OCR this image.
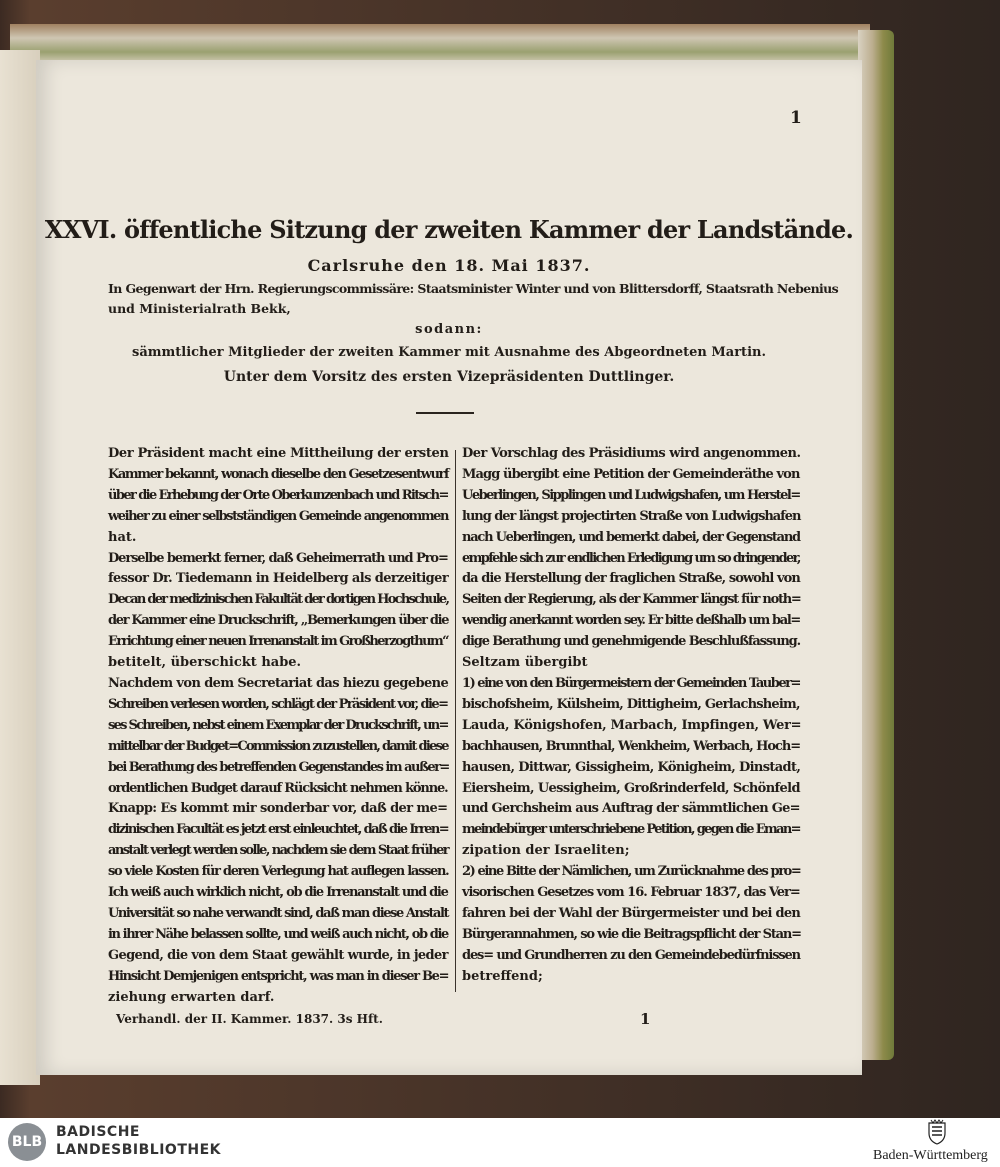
1
XXVI. öffentliche Sitzung der zweiten Kammer der Landstände.
Carlsruhe den 18. Mai 1837.
In Gegenwart der Hrn. Regierungscommissäre: Staatsminister Winter und von Blittersdorff, Staatsrath Nebenius
und Ministerialrath Bekk,
sodann:
sämmtlicher Mitglieder der zweiten Kammer mit Ausnahme des Abgeordneten Martin.
Unter dem Vorsitz des ersten Vizepräsidenten Duttlinger.
Der Präsident macht eine Mittheilung der ersten
Kammer bekannt, wonach dieselbe den Gesetzesentwurf
über die Erhebung der Orte Oberkunzenbach und Ritsch=
weiher zu einer selbstständigen Gemeinde angenommen
hat.
Derselbe bemerkt ferner, daß Geheimerrath und Pro=
fessor Dr. Tiedemann in Heidelberg als derzeitiger
Decan der medizinischen Fakultät der dortigen Hochschule,
der Kammer eine Druckschrift, „Bemerkungen über die
Errichtung einer neuen Irrenanstalt im Großherzogthum“
betitelt, überschickt habe.
Nachdem von dem Secretariat das hiezu gegebene
Schreiben verlesen worden, schlägt der Präsident vor, die=
ses Schreiben, nebst einem Exemplar der Druckschrift, un=
mittelbar der Budget=Commission zuzustellen, damit diese
bei Berathung des betreffenden Gegenstandes im außer=
ordentlichen Budget darauf Rücksicht nehmen könne.
Knapp: Es kommt mir sonderbar vor, daß der me=
dizinischen Facultät es jetzt erst einleuchtet, daß die Irren=
anstalt verlegt werden solle, nachdem sie dem Staat früher
so viele Kosten für deren Verlegung hat auflegen lassen.
Ich weiß auch wirklich nicht, ob die Irrenanstalt und die
Universität so nahe verwandt sind, daß man diese Anstalt
in ihrer Nähe belassen sollte, und weiß auch nicht, ob die
Gegend, die von dem Staat gewählt wurde, in jeder
Hinsicht Demjenigen entspricht, was man in dieser Be=
ziehung erwarten darf.
Der Vorschlag des Präsidiums wird angenommen.
Magg übergibt eine Petition der Gemeinderäthe von
Ueberlingen, Sipplingen und Ludwigshafen, um Herstel=
lung der längst projectirten Straße von Ludwigshafen
nach Ueberlingen, und bemerkt dabei, der Gegenstand
empfehle sich zur endlichen Erledigung um so dringender,
da die Herstellung der fraglichen Straße, sowohl von
Seiten der Regierung, als der Kammer längst für noth=
wendig anerkannt worden sey. Er bitte deßhalb um bal=
dige Berathung und genehmigende Beschlußfassung.
Seltzam übergibt
1) eine von den Bürgermeistern der Gemeinden Tauber=
bischofsheim, Külsheim, Dittigheim, Gerlachsheim,
Lauda, Königshofen, Marbach, Impfingen, Wer=
bachhausen, Brunnthal, Wenkheim, Werbach, Hoch=
hausen, Dittwar, Gissigheim, Königheim, Dinstadt,
Eiersheim, Uessigheim, Großrinderfeld, Schönfeld
und Gerchsheim aus Auftrag der sämmtlichen Ge=
meindebürger unterschriebene Petition, gegen die Eman=
zipation der Israeliten;
2) eine Bitte der Nämlichen, um Zurücknahme des pro=
visorischen Gesetzes vom 16. Februar 1837, das Ver=
fahren bei der Wahl der Bürgermeister und bei den
Bürgerannahmen, so wie die Beitragspflicht der Stan=
des= und Grundherren zu den Gemeindebedürfnissen
betreffend;
Verhandl. der II. Kammer. 1837. 3s Hft.	1
BLB
BADISCHE
LANDESBIBLIOTHEK	Baden-Württemberg
